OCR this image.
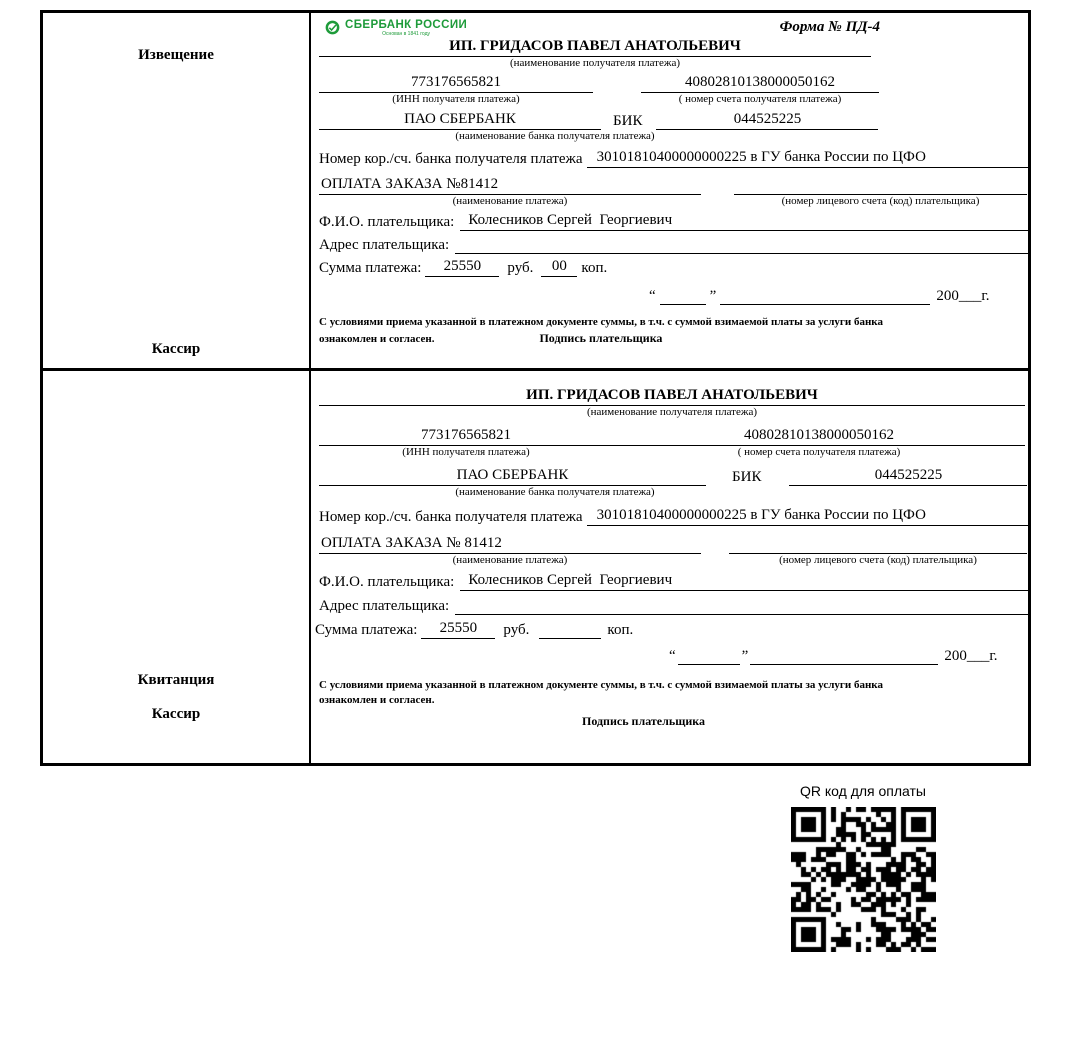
Извещение
Кассир
СБЕРБАНК РОССИИ
Основан в 1841 году	Форма № ПД-4
ИП. ГРИДАСОВ ПАВЕЛ АНАТОЛЬЕВИЧ
(наименование получателя платежа)
773176565821
(ИНН получателя платежа)
40802810138000050162
( номер счета получателя платежа)
ПАО СБЕРБАНК	БИК	044525225
(наименование банка получателя платежа)
Номер кор./сч. банка получателя платежа 30101810400000000225 в ГУ банка России по ЦФО
ОПЛАТА ЗАКАЗА №81412
(наименование платежа)	(номер лицевого счета (код) плательщика)
Ф.И.О. плательщика: Колесников Сергей  Георгиевич
Адрес плательщика:
Сумма платежа:	25550	руб.	00 коп.
“	”	200___г.
С условиями приема указанной в платежном документе суммы, в т.ч. с суммой взимаемой платы за услуги банка
ознакомлен и согласен.	Подпись плательщика
Квитанция
Кассир
ИП. ГРИДАСОВ ПАВЕЛ АНАТОЛЬЕВИЧ
(наименование получателя платежа)
773176565821
(ИНН получателя платежа)
40802810138000050162
( номер счета получателя платежа)
ПАО СБЕРБАНК	БИК	044525225
(наименование банка получателя платежа)
Номер кор./сч. банка получателя платежа 30101810400000000225 в ГУ банка России по ЦФО
ОПЛАТА ЗАКАЗА № 81412
(наименование платежа)	(номер лицевого счета (код) плательщика)
Ф.И.О. плательщика: Колесников Сергей  Георгиевич
Адрес плательщика:
Сумма платежа:	25550	руб.	коп.
“	”	200___г.
С условиями приема указанной в платежном документе суммы, в т.ч. с суммой взимаемой платы за услуги банка
ознакомлен и согласен.
Подпись плательщика
QR код для оплаты
